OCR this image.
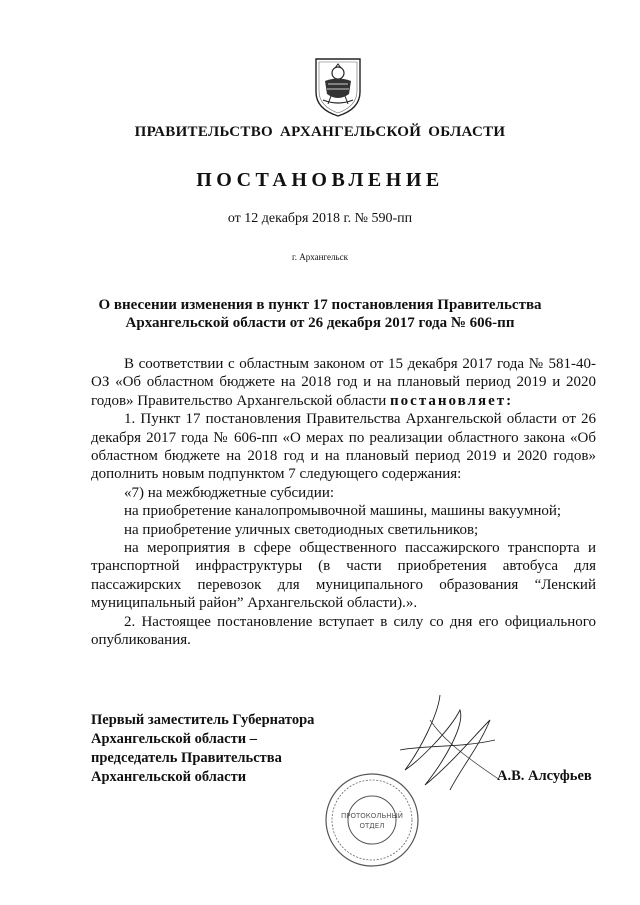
ПРАВИТЕЛЬСТВО АРХАНГЕЛЬСКОЙ ОБЛАСТИ
ПОСТАНОВЛЕНИЕ
от 12 декабря 2018 г. № 590-пп
г. Архангельск
О внесении изменения в пункт 17 постановления Правительства
Архангельской области от 26 декабря 2017 года № 606-пп

В соответствии с областным законом от 15 декабря 2017 года № 581-40-ОЗ «Об областном бюджете на 2018 год и на плановый период 2019 и 2020 годов» Правительство Архангельской области постановляет:

1. Пункт 17 постановления Правительства Архангельской области от 26 декабря 2017 года № 606-пп «О мерах по реализации областного закона «Об областном бюджете на 2018 год и на плановый период 2019 и 2020 годов» дополнить новым подпунктом 7 следующего содержания:

«7) на межбюджетные субсидии:

на приобретение каналопромывочной машины, машины вакуумной;

на приобретение уличных светодиодных светильников;

на мероприятия в сфере общественного пассажирского транспорта и транспортной инфраструктуры (в части приобретения автобуса для пассажирских перевозок для муниципального образования “Ленский муниципальный район” Архангельской области).».

2. Настоящее постановление вступает в силу со дня его официального опубликования.

Первый заместитель Губернатора
Архангельской области –
председатель Правительства
Архангельской области	А.В. Алсуфьев
ПРОТОКОЛЬНЫЙ
ОТДЕЛ
